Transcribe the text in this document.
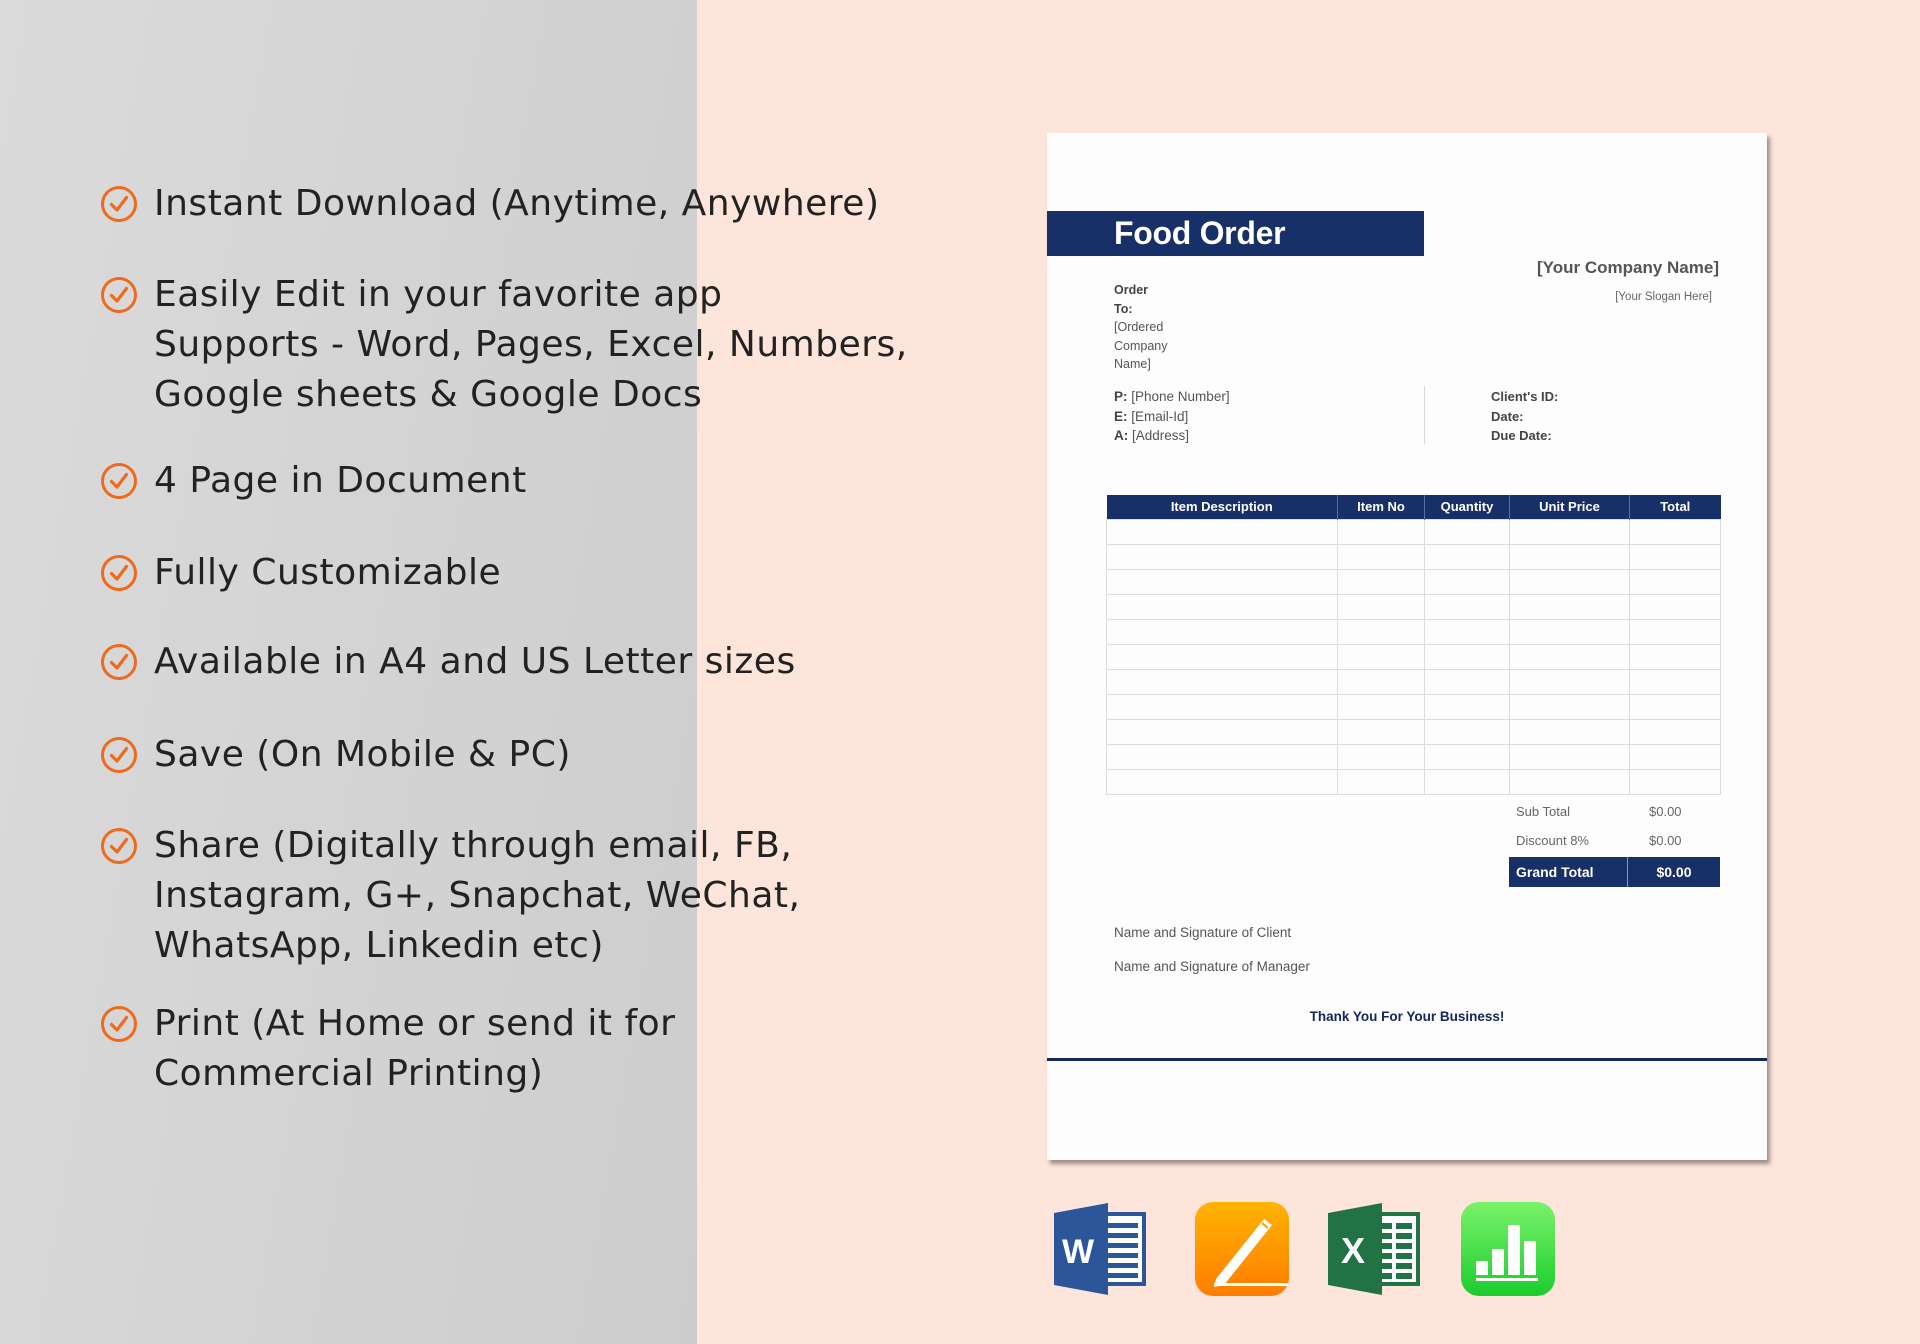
Instant Download (Anytime, Anywhere)
Easily Edit in your favorite app
Supports - Word, Pages, Excel, Numbers,
Google sheets & Google Docs
4 Page in Document
Fully Customizable
Available in A4 and US Letter sizes
Save (On Mobile & PC)
Share (Digitally through email, FB,
Instagram, G+, Snapchat, WeChat,
WhatsApp, Linkedin etc)
Print (At Home or send it for
Commercial Printing)
Food Order
[Your Company Name]
[Your Slogan Here]
Order
To:
[Ordered
Company
Name]
P: [Phone Number]
E: [Email-Id]
A: [Address]
Client's ID:
Date:
Due Date:
Item Description	Item No	Quantity	Unit Price	Total

Sub Total	$0.00
Discount 8%	$0.00
Grand Total	$0.00
Name and Signature of Client
Name and Signature of Manager
Thank You For Your Business!
W	X
